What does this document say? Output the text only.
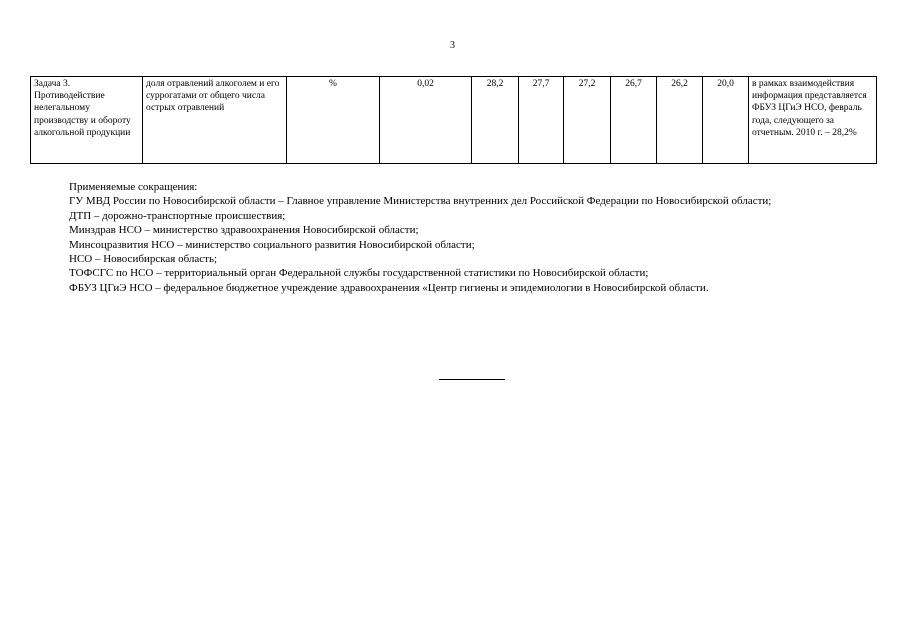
3
Задача 3. Противодействие нелегальному производству и обороту алкогольной продукции	доля отравлений алкоголем и его суррогатами от общего числа острых отравлений	%	0,02	28,2	27,7	27,2	26,7	26,2	20,0	в рамках взаимодействия информация представляется ФБУЗ ЦГиЭ НСО, февраль года, следующего за отчетным. 2010 г. – 28,2%

Применяемые сокращения:

ГУ МВД России по Новосибирской области – Главное управление Министерства внутренних дел Российской Федерации по Новосибирской области;

ДТП – дорожно-транспортные происшествия;

Минздрав НСО – министерство здравоохранения Новосибирской области;

Минсоцразвития НСО – министерство социального развития Новосибирской области;

НСО – Новосибирская область;

ТОФСГС по НСО – территориальный орган Федеральной службы государственной статистики по Новосибирской области;

ФБУЗ ЦГиЭ НСО – федеральное бюджетное учреждение здравоохранения «Центр гигиены и эпидемиологии в Новосибирской области.
